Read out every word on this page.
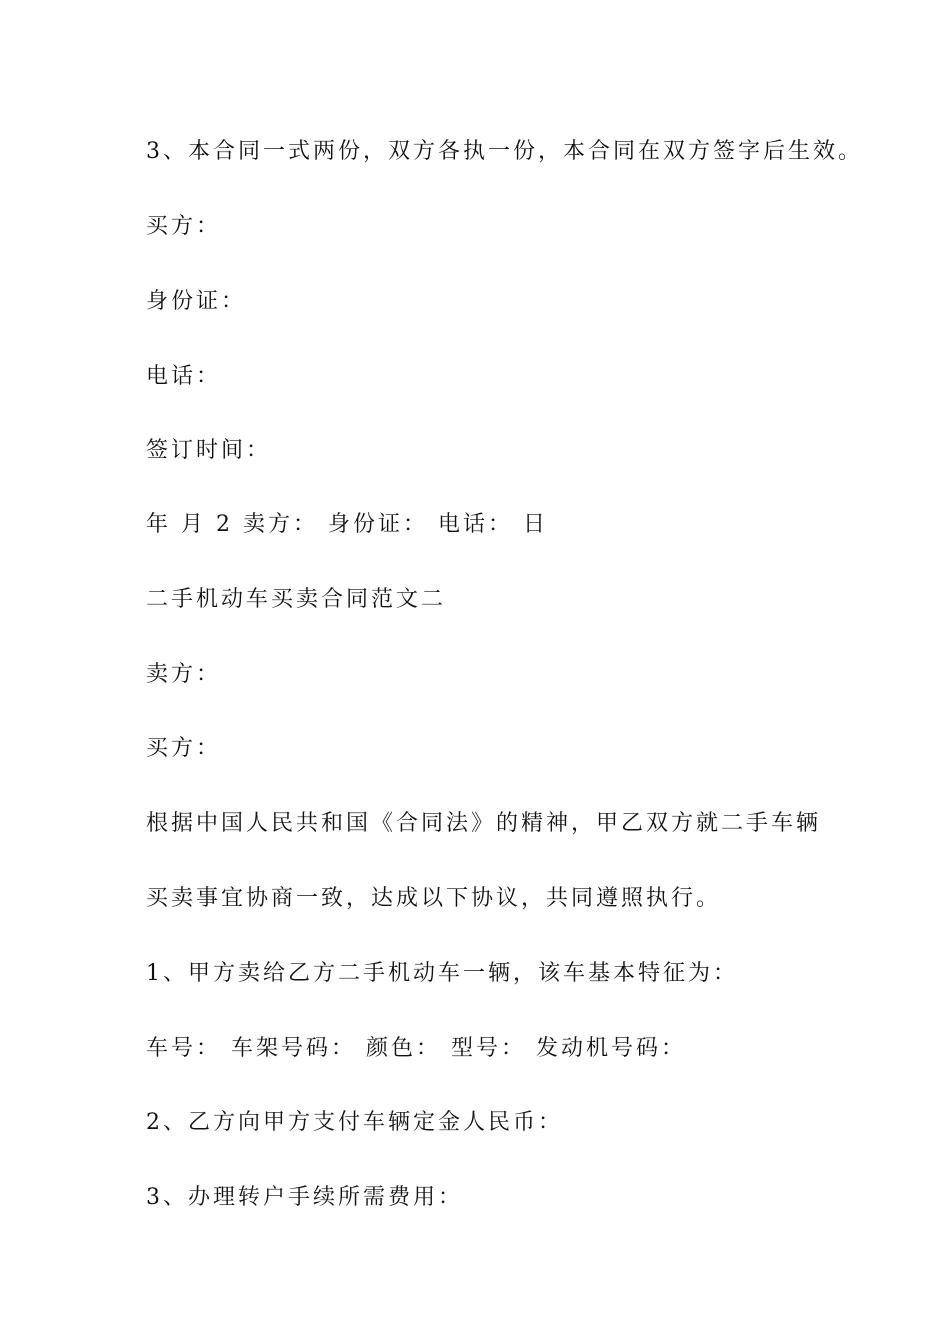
3、本合同一式两份，双方各执一份，本合同在双方签字后生效。
买方：
身份证：
电话：
签订时间：
年 月 2 卖方： 身份证： 电话： 日
二手机动车买卖合同范文二
卖方：
买方：
根据中国人民共和国《合同法》的精神，甲乙双方就二手车辆
买卖事宜协商一致，达成以下协议，共同遵照执行。
1、甲方卖给乙方二手机动车一辆，该车基本特征为：
车号： 车架号码： 颜色： 型号： 发动机号码：
2、乙方向甲方支付车辆定金人民币：
3、办理转户手续所需费用：
